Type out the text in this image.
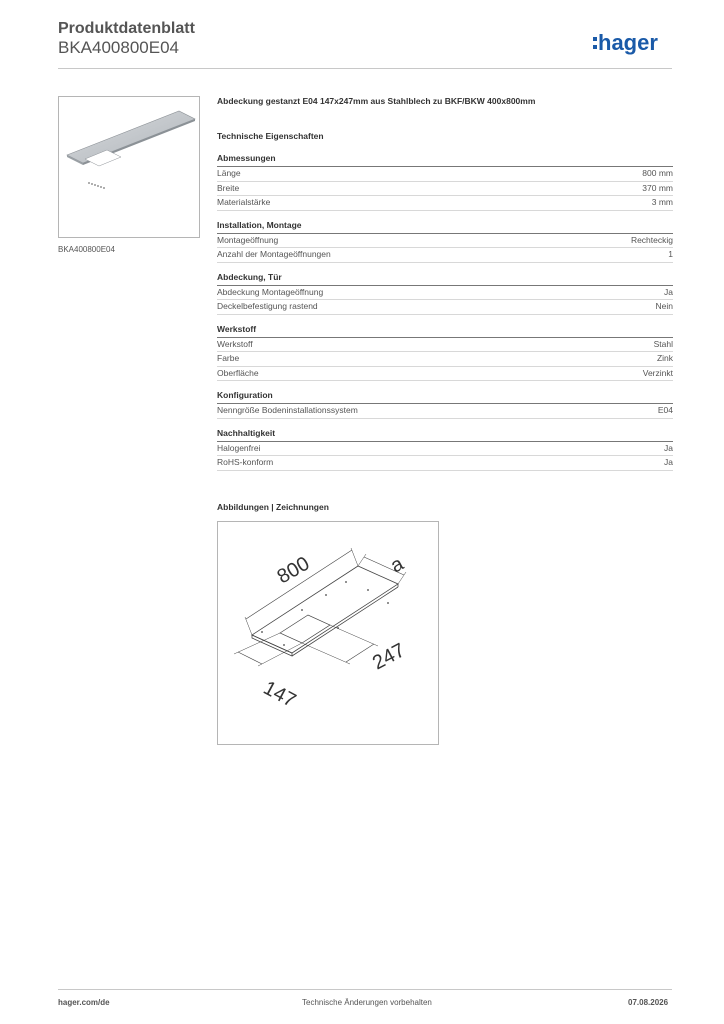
Produktdatenblatt
BKA400800E04	hager
BKA400800E04
Abdeckung gestanzt E04 147x247mm aus Stahlblech zu BKF/BKW 400x800mm
Technische Eigenschaften
Abmessungen
Länge	800 mm
Breite	370 mm
Materialstärke	3 mm
Installation, Montage
Montageöffnung	Rechteckig
Anzahl der Montageöffnungen	1
Abdeckung, Tür
Abdeckung Montageöffnung	Ja
Deckelbefestigung rastend	Nein
Werkstoff
Werkstoff	Stahl
Farbe	Zink
Oberfläche	Verzinkt
Konfiguration
Nenngröße Bodeninstallationssystem	E04
Nachhaltigkeit
Halogenfrei	Ja
RoHS-konform	Ja
Abbildungen | Zeichnungen
800	a
247
147
hager.com/de	Technische Änderungen vorbehalten	07.08.2026
